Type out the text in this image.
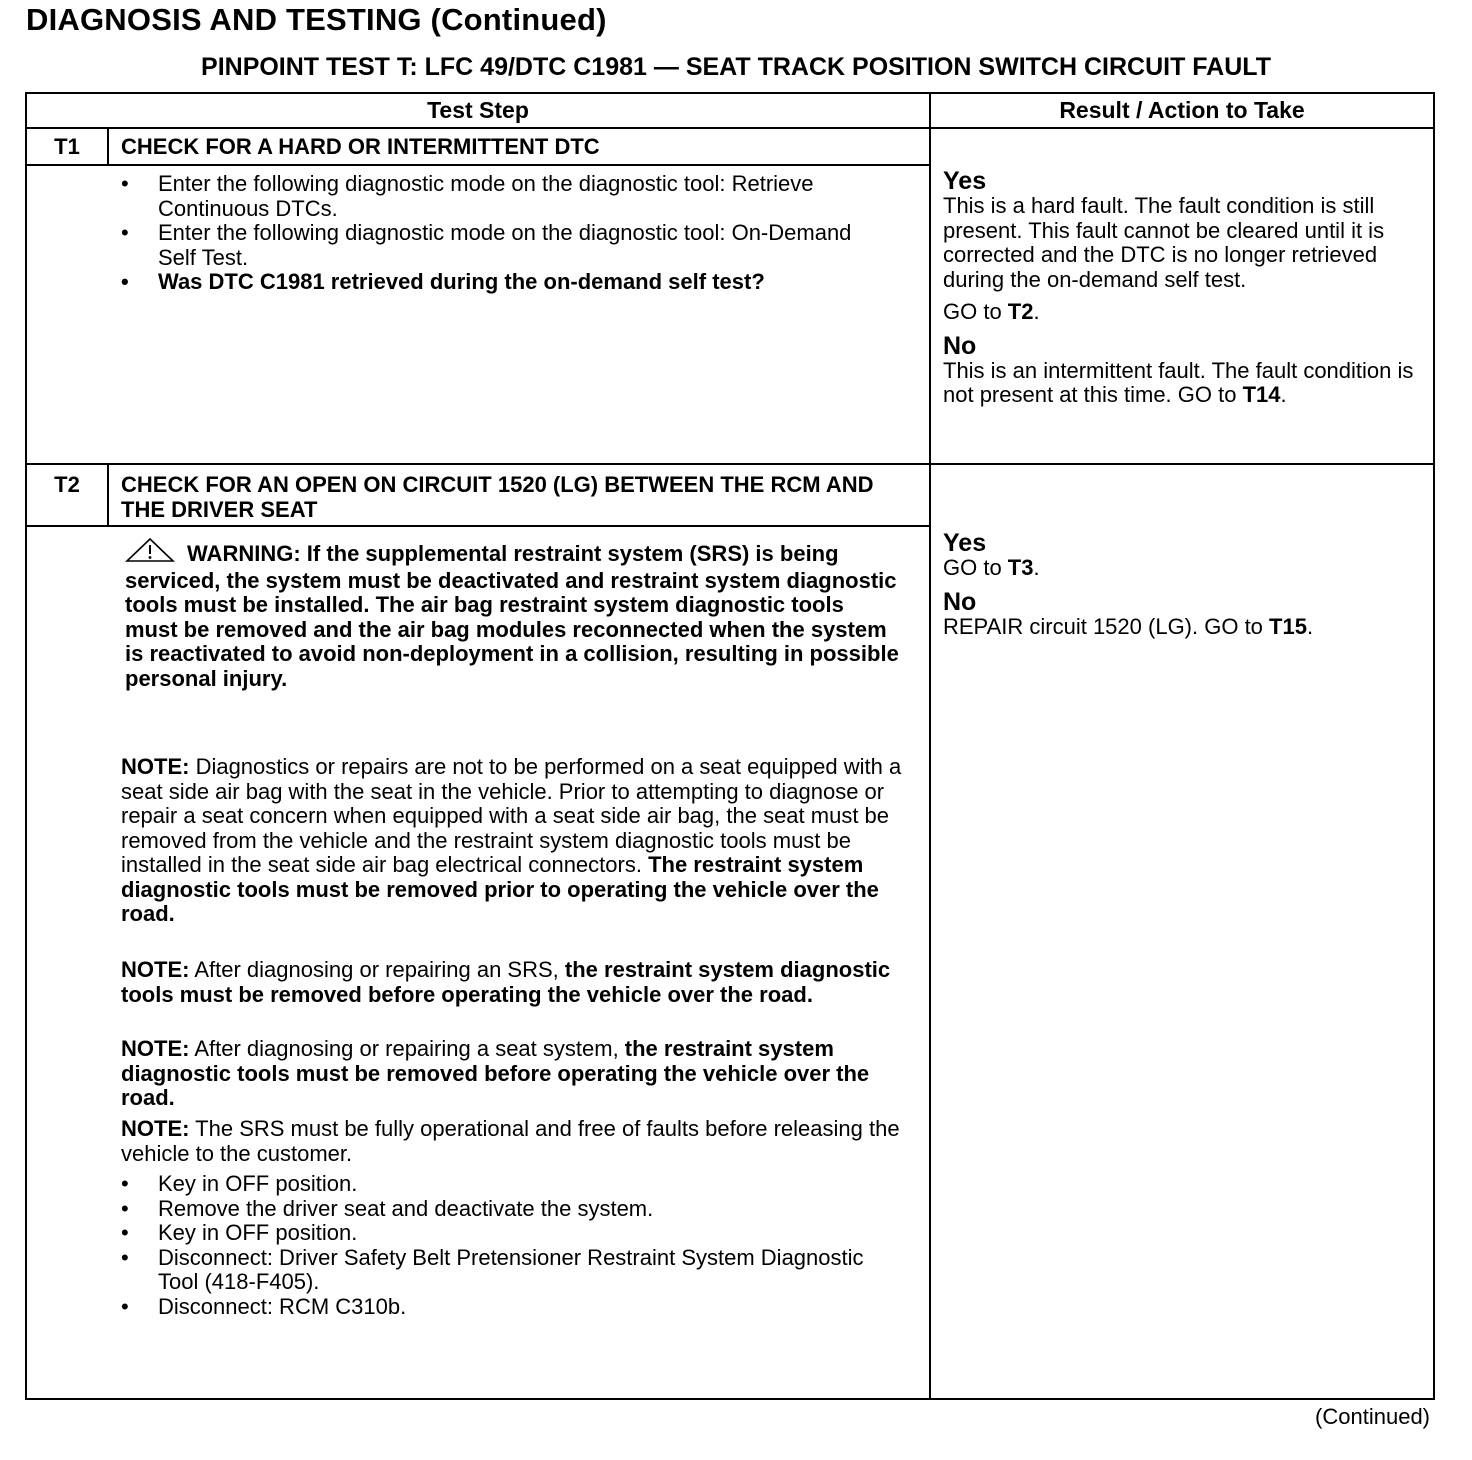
DIAGNOSIS AND TESTING (Continued)
PINPOINT TEST T: LFC 49/DTC C1981 — SEAT TRACK POSITION SWITCH CIRCUIT FAULT
Test Step	Result / Action to Take
T1	CHECK FOR A HARD OR INTERMITTENT DTC
• Enter the following diagnostic mode on the diagnostic tool: Retrieve Continuous DTCs.
• Enter the following diagnostic mode on the diagnostic tool: On-Demand Self Test.
• Was DTC C1981 retrieved during the on-demand self test?
Yes
This is a hard fault. The fault condition is still present. This fault cannot be cleared until it is corrected and the DTC is no longer retrieved during the on-demand self test.
GO to T2.
No
This is an intermittent fault. The fault condition is not present at this time. GO to T14.
T2	CHECK FOR AN OPEN ON CIRCUIT 1520 (LG) BETWEEN THE RCM AND THE DRIVER SEAT
WARNING: If the supplemental restraint system (SRS) is being serviced, the system must be deactivated and restraint system diagnostic tools must be installed. The air bag restraint system diagnostic tools must be removed and the air bag modules reconnected when the system is reactivated to avoid non-deployment in a collision, resulting in possible personal injury.
NOTE: Diagnostics or repairs are not to be performed on a seat equipped with a seat side air bag with the seat in the vehicle. Prior to attempting to diagnose or repair a seat concern when equipped with a seat side air bag, the seat must be removed from the vehicle and the restraint system diagnostic tools must be installed in the seat side air bag electrical connectors. The restraint system diagnostic tools must be removed prior to operating the vehicle over the road.
NOTE: After diagnosing or repairing an SRS, the restraint system diagnostic tools must be removed before operating the vehicle over the road.
NOTE: After diagnosing or repairing a seat system, the restraint system diagnostic tools must be removed before operating the vehicle over the road.
NOTE: The SRS must be fully operational and free of faults before releasing the vehicle to the customer.
• Key in OFF position.
• Remove the driver seat and deactivate the system.
• Key in OFF position.
• Disconnect: Driver Safety Belt Pretensioner Restraint System Diagnostic Tool (418-F405).
• Disconnect: RCM C310b.
Yes
GO to T3.
No
REPAIR circuit 1520 (LG). GO to T15.
(Continued)
